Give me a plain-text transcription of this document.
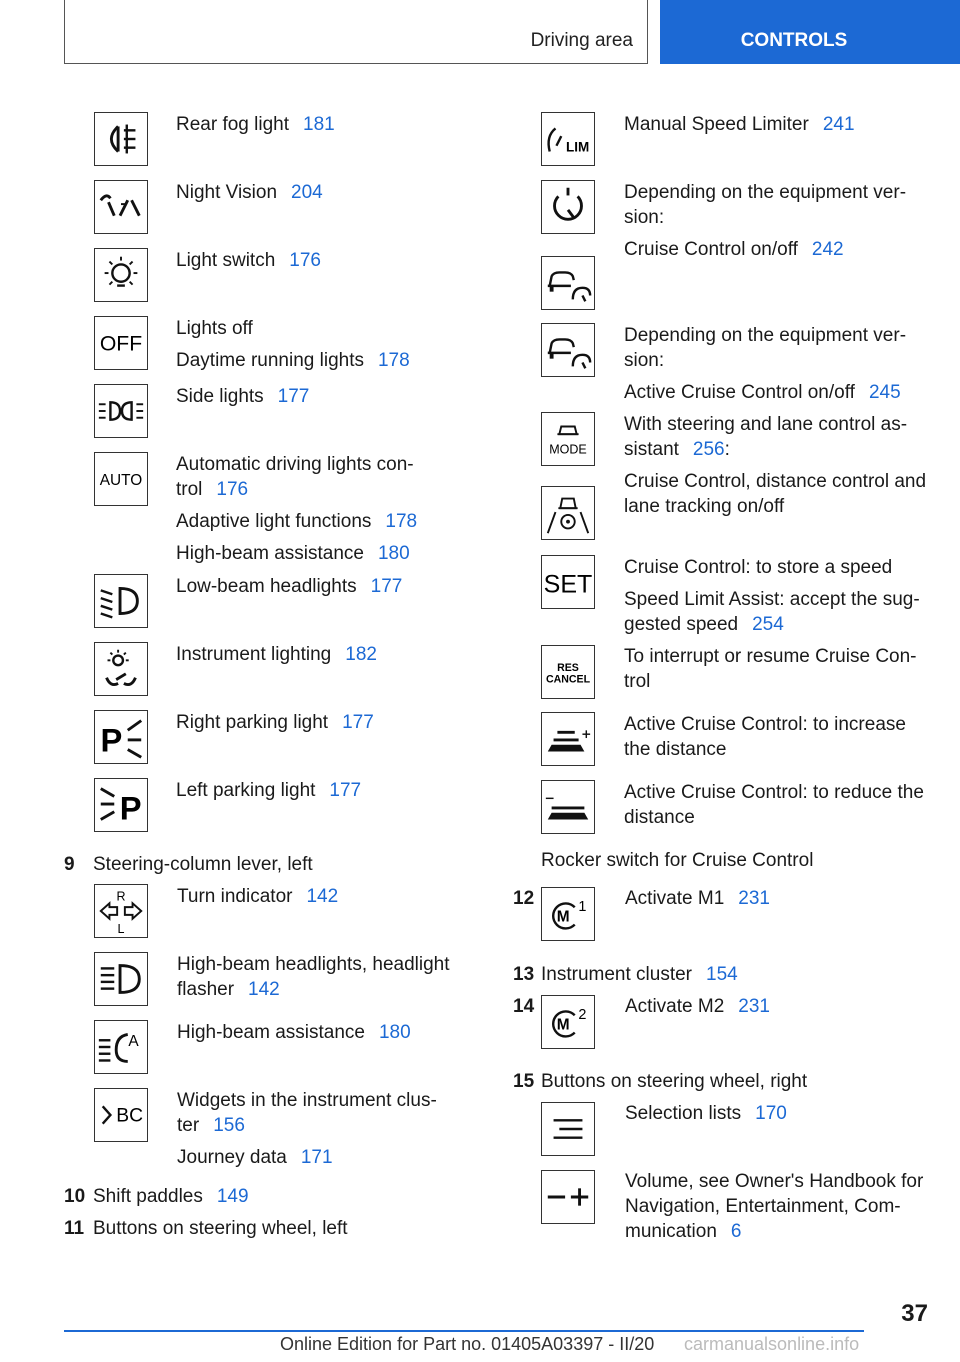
Driving area	CONTROLS
OFF
AUTO
P
P
Rear fog light 181
Night Vision 204
Light switch 176
Lights off
Daytime running lights 178
Side lights 177
Automatic driving lights con-
trol 176
Adaptive light functions 178
High-beam assistance 180
Low-beam headlights 177
Instrument lighting 182
Right parking light 177
Left parking light 177
9 Steering-column lever, left
R
L
A
BC
Turn indicator 142
High-beam headlights, headlight
flasher 142
High-beam assistance 180
Widgets in the instrument clus-
ter 156
Journey data 171
10 Shift paddles 149
11 Buttons on steering wheel, left
LIM
MODE
SET
RES
CANCEL
Manual Speed Limiter 241
Depending on the equipment ver-
sion:
Cruise Control on/off 242
Depending on the equipment ver-
sion:
Active Cruise Control on/off 245
With steering and lane control as-
sistant 256:
Cruise Control, distance control and
lane tracking on/off
Cruise Control: to store a speed
Speed Limit Assist: accept the sug-
gested speed 254
To interrupt or resume Cruise Con-
trol
Active Cruise Control: to increase
the distance
Active Cruise Control: to reduce the
distance
Rocker switch for Cruise Control
12
M
1 Activate M1 231
13 Instrument cluster 154
14
M
2 Activate M2 231
15 Buttons on steering wheel, right
Selection lists 170
Volume, see Owner's Handbook for
Navigation, Entertainment, Com-
munication 6
37
Online Edition for Part no. 01405A03397 - II/20 carmanualsonline.info
